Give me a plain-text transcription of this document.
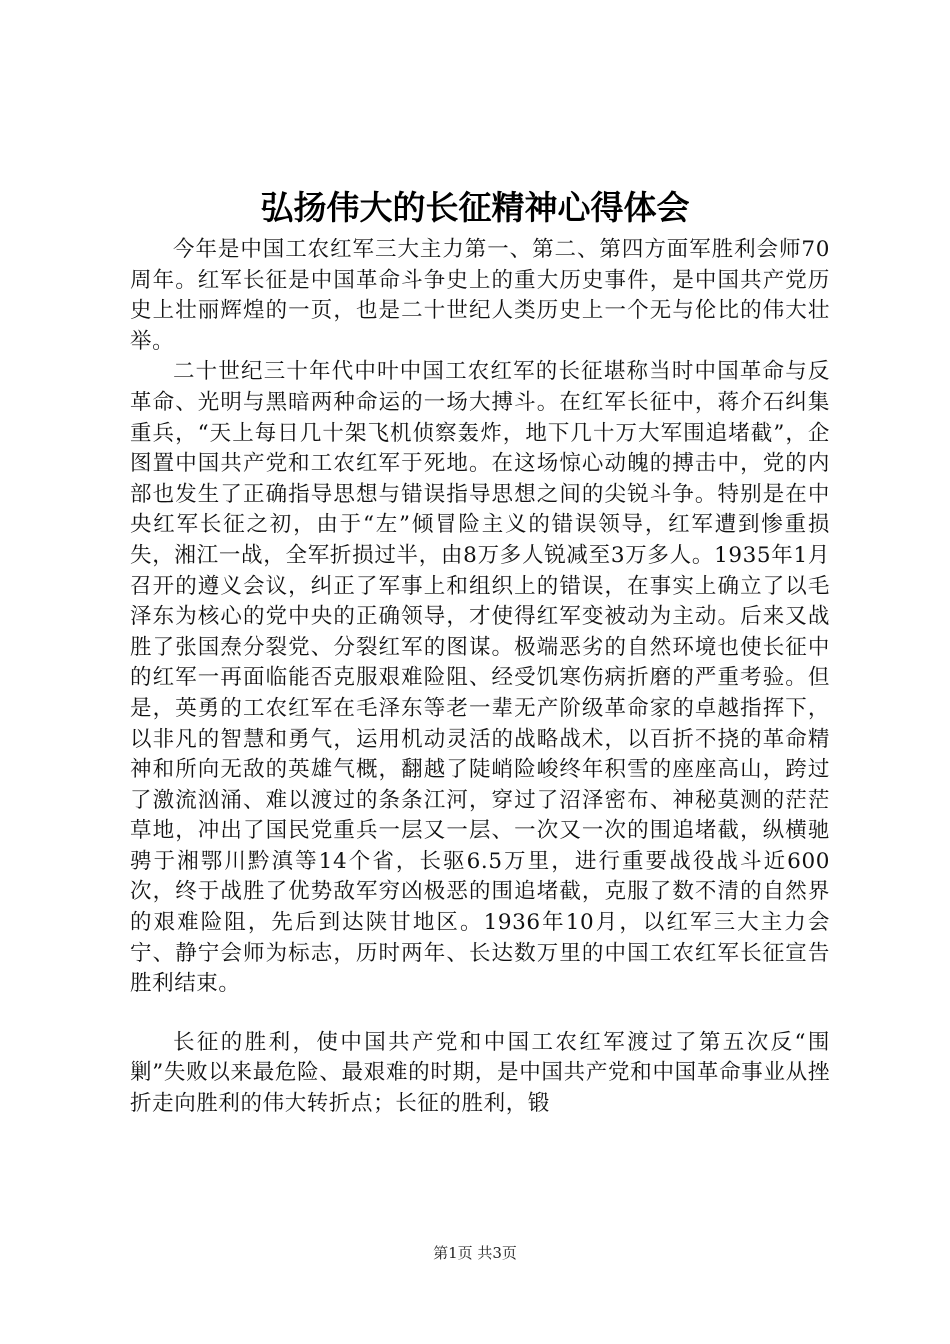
弘扬伟大的长征精神心得体会

今年是中国工农红军三大主力第一、第二、第四方面军胜利会师70周年。红军长征是中国革命斗争史上的重大历史事件，是中国共产党历史上壮丽辉煌的一页，也是二十世纪人类历史上一个无与伦比的伟大壮举。

二十世纪三十年代中叶中国工农红军的长征堪称当时中国革命与反革命、光明与黑暗两种命运的一场大搏斗。在红军长征中，蒋介石纠集重兵，“天上每日几十架飞机侦察轰炸，地下几十万大军围追堵截”，企图置中国共产党和工农红军于死地。在这场惊心动魄的搏击中，党的内部也发生了正确指导思想与错误指导思想之间的尖锐斗争。特别是在中央红军长征之初，由于“左”倾冒险主义的错误领导，红军遭到惨重损失，湘江一战，全军折损过半，由8万多人锐减至3万多人。1935年1月召开的遵义会议，纠正了军事上和组织上的错误，在事实上确立了以毛泽东为核心的党中央的正确领导，才使得红军变被动为主动。后来又战胜了张国焘分裂党、分裂红军的图谋。极端恶劣的自然环境也使长征中的红军一再面临能否克服艰难险阻、经受饥寒伤病折磨的严重考验。但是，英勇的工农红军在毛泽东等老一辈无产阶级革命家的卓越指挥下，以非凡的智慧和勇气，运用机动灵活的战略战术，以百折不挠的革命精神和所向无敌的英雄气概，翻越了陡峭险峻终年积雪的座座高山，跨过了激流汹涌、难以渡过的条条江河，穿过了沼泽密布、神秘莫测的茫茫草地，冲出了国民党重兵一层又一层、一次又一次的围追堵截，纵横驰骋于湘鄂川黔滇等14个省，长驱6.5万里，进行重要战役战斗近600次，终于战胜了优势敌军穷凶极恶的围追堵截，克服了数不清的自然界的艰难险阻，先后到达陕甘地区。1936年10月，以红军三大主力会宁、静宁会师为标志，历时两年、长达数万里的中国工农红军长征宣告胜利结束。

长征的胜利，使中国共产党和中国工农红军渡过了第五次反“围剿”失败以来最危险、最艰难的时期，是中国共产党和中国革命事业从挫折走向胜利的伟大转折点；长征的胜利，锻

第1页 共3页
